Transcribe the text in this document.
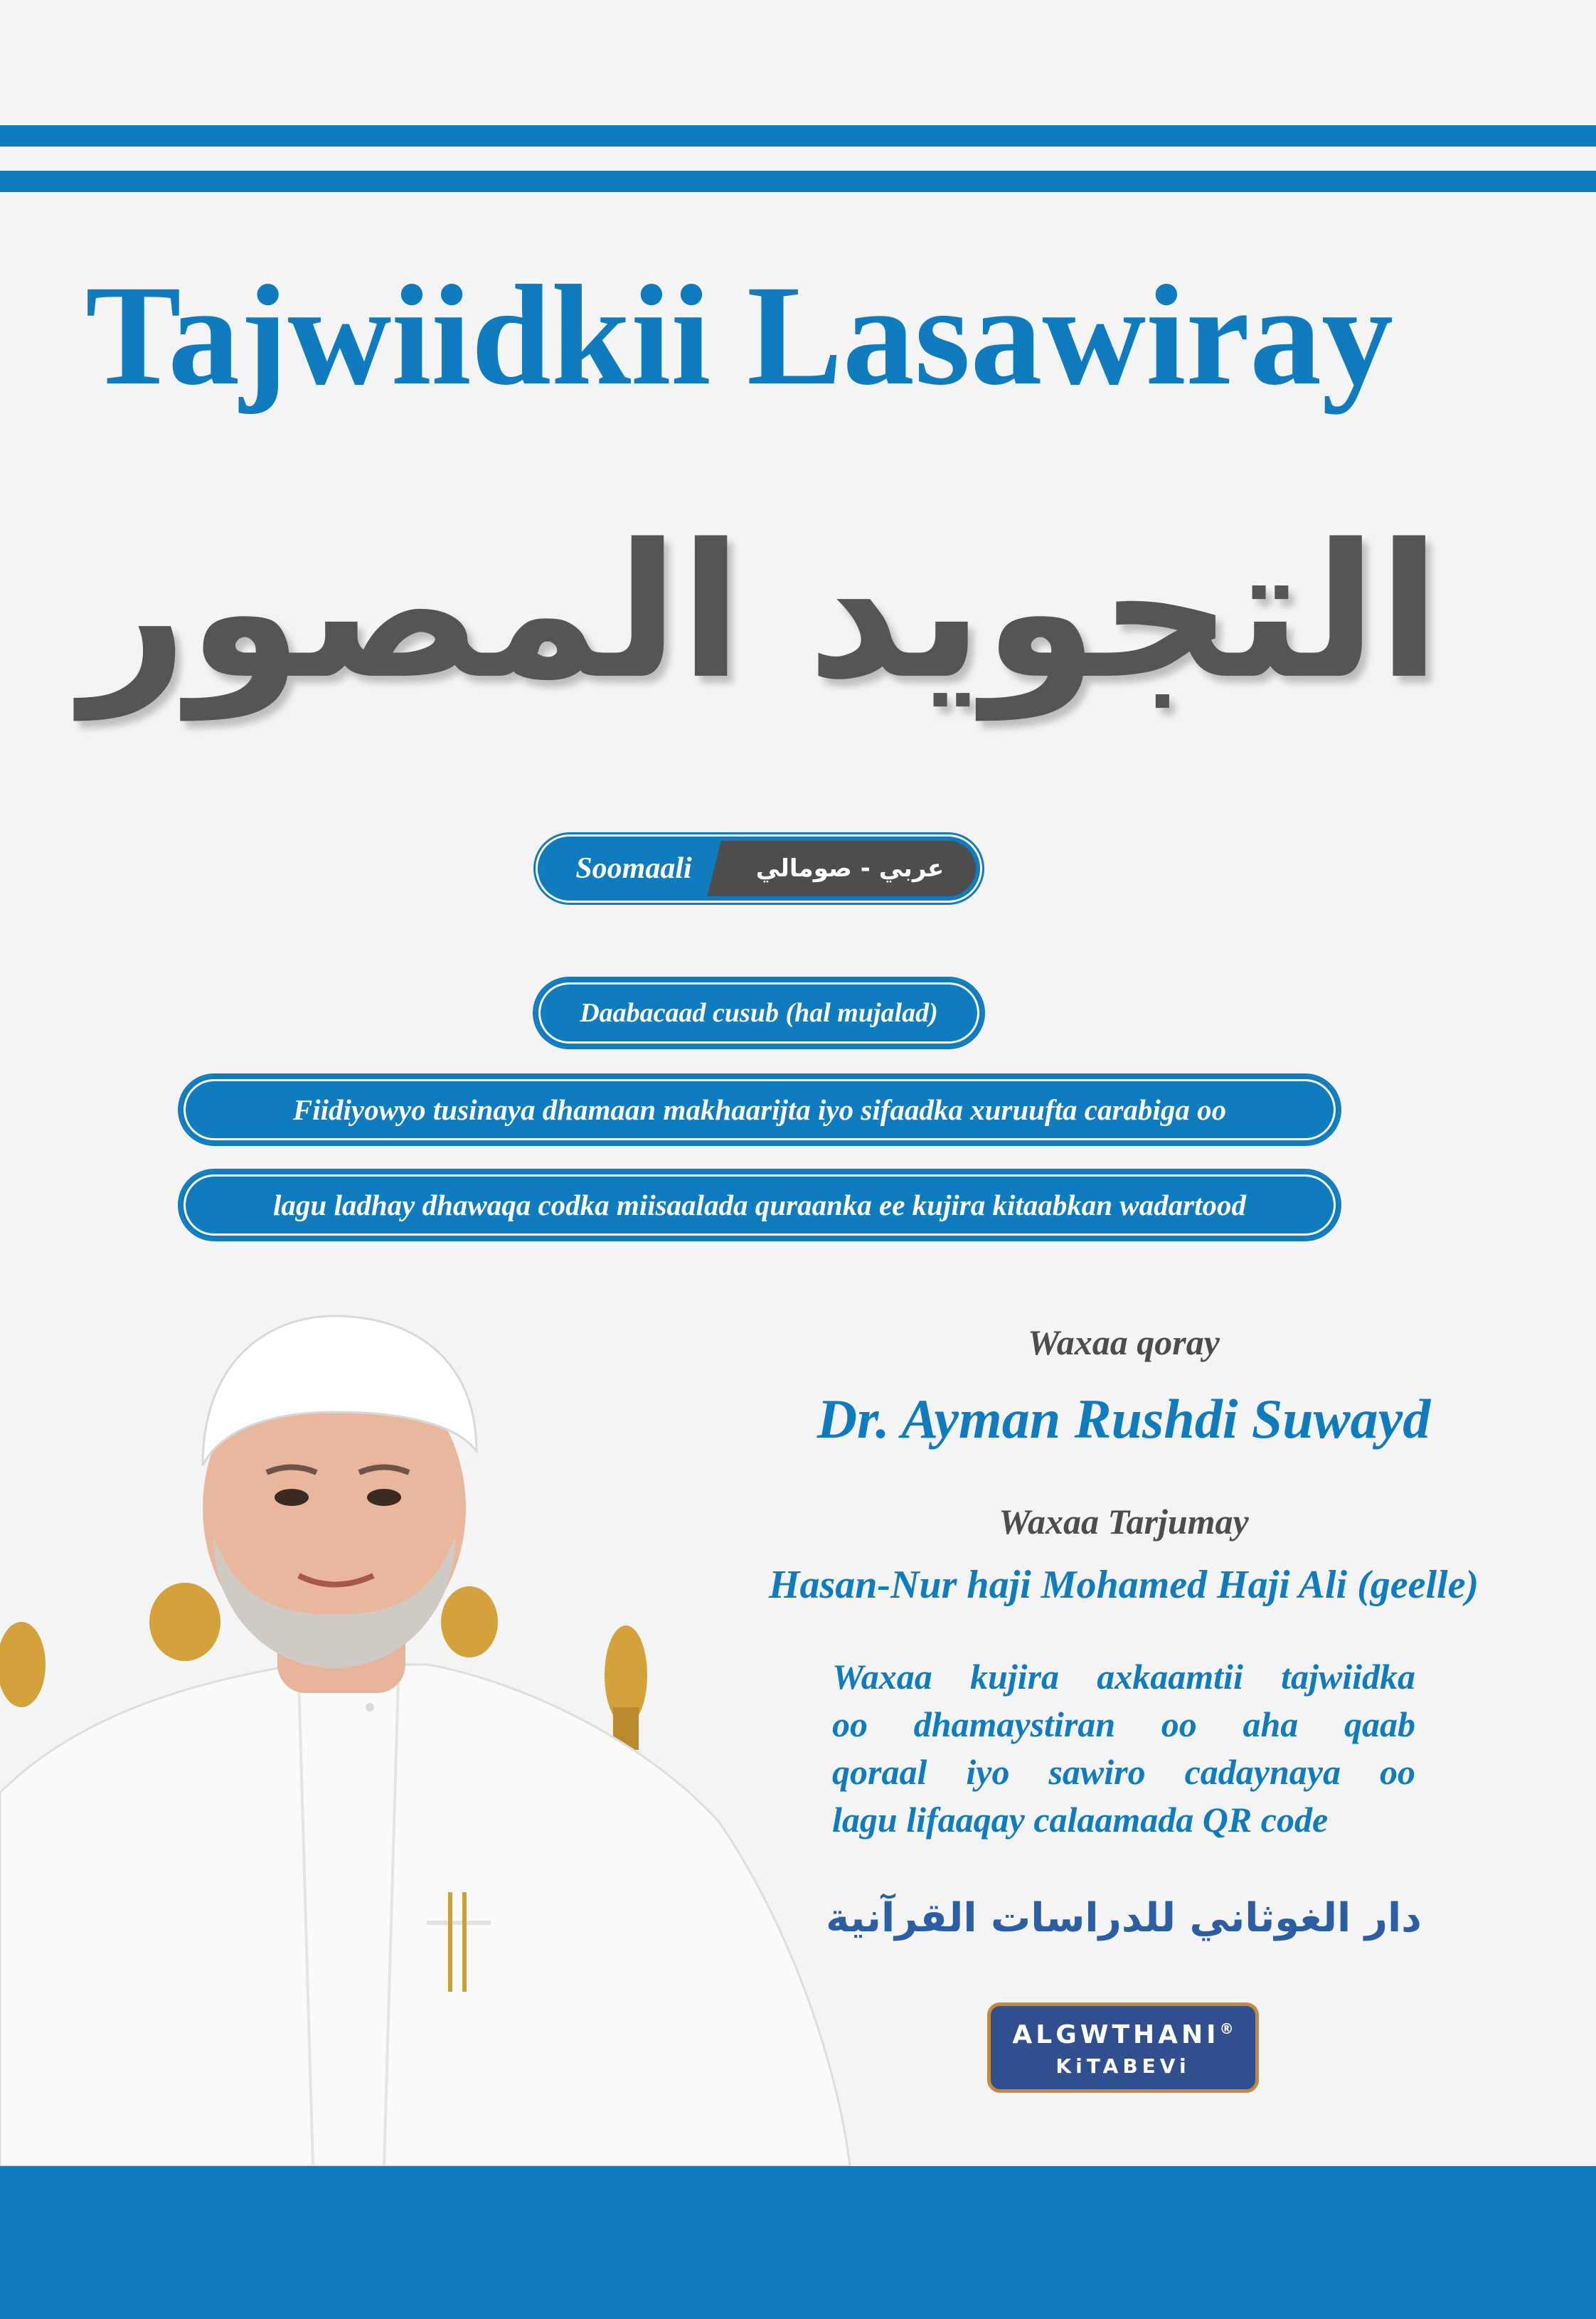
Tajwiidkii Lasawiray
التجويد المصور
Soomaali	عربي - صومالي
Daabacaad cusub (hal mujalad)
Fiidiyowyo tusinaya dhamaan makhaarijta iyo sifaadka xuruufta carabiga oo
lagu ladhay dhawaqa codka miisaalada quraanka ee kujira kitaabkan wadartood
Waxaa qoray
Dr. Ayman Rushdi Suwayd
Waxaa Tarjumay
Hasan-Nur haji Mohamed Haji Ali (geelle)
Waxaa kujira axkaamtii tajwiidka
oo dhamaystiran oo aha qaab
qoraal iyo sawiro cadaynaya oo
lagu lifaaqay calaamada QR code
دار الغوثاني للدراسات القرآنية
ALGWTHANI®
KiTABEVi
